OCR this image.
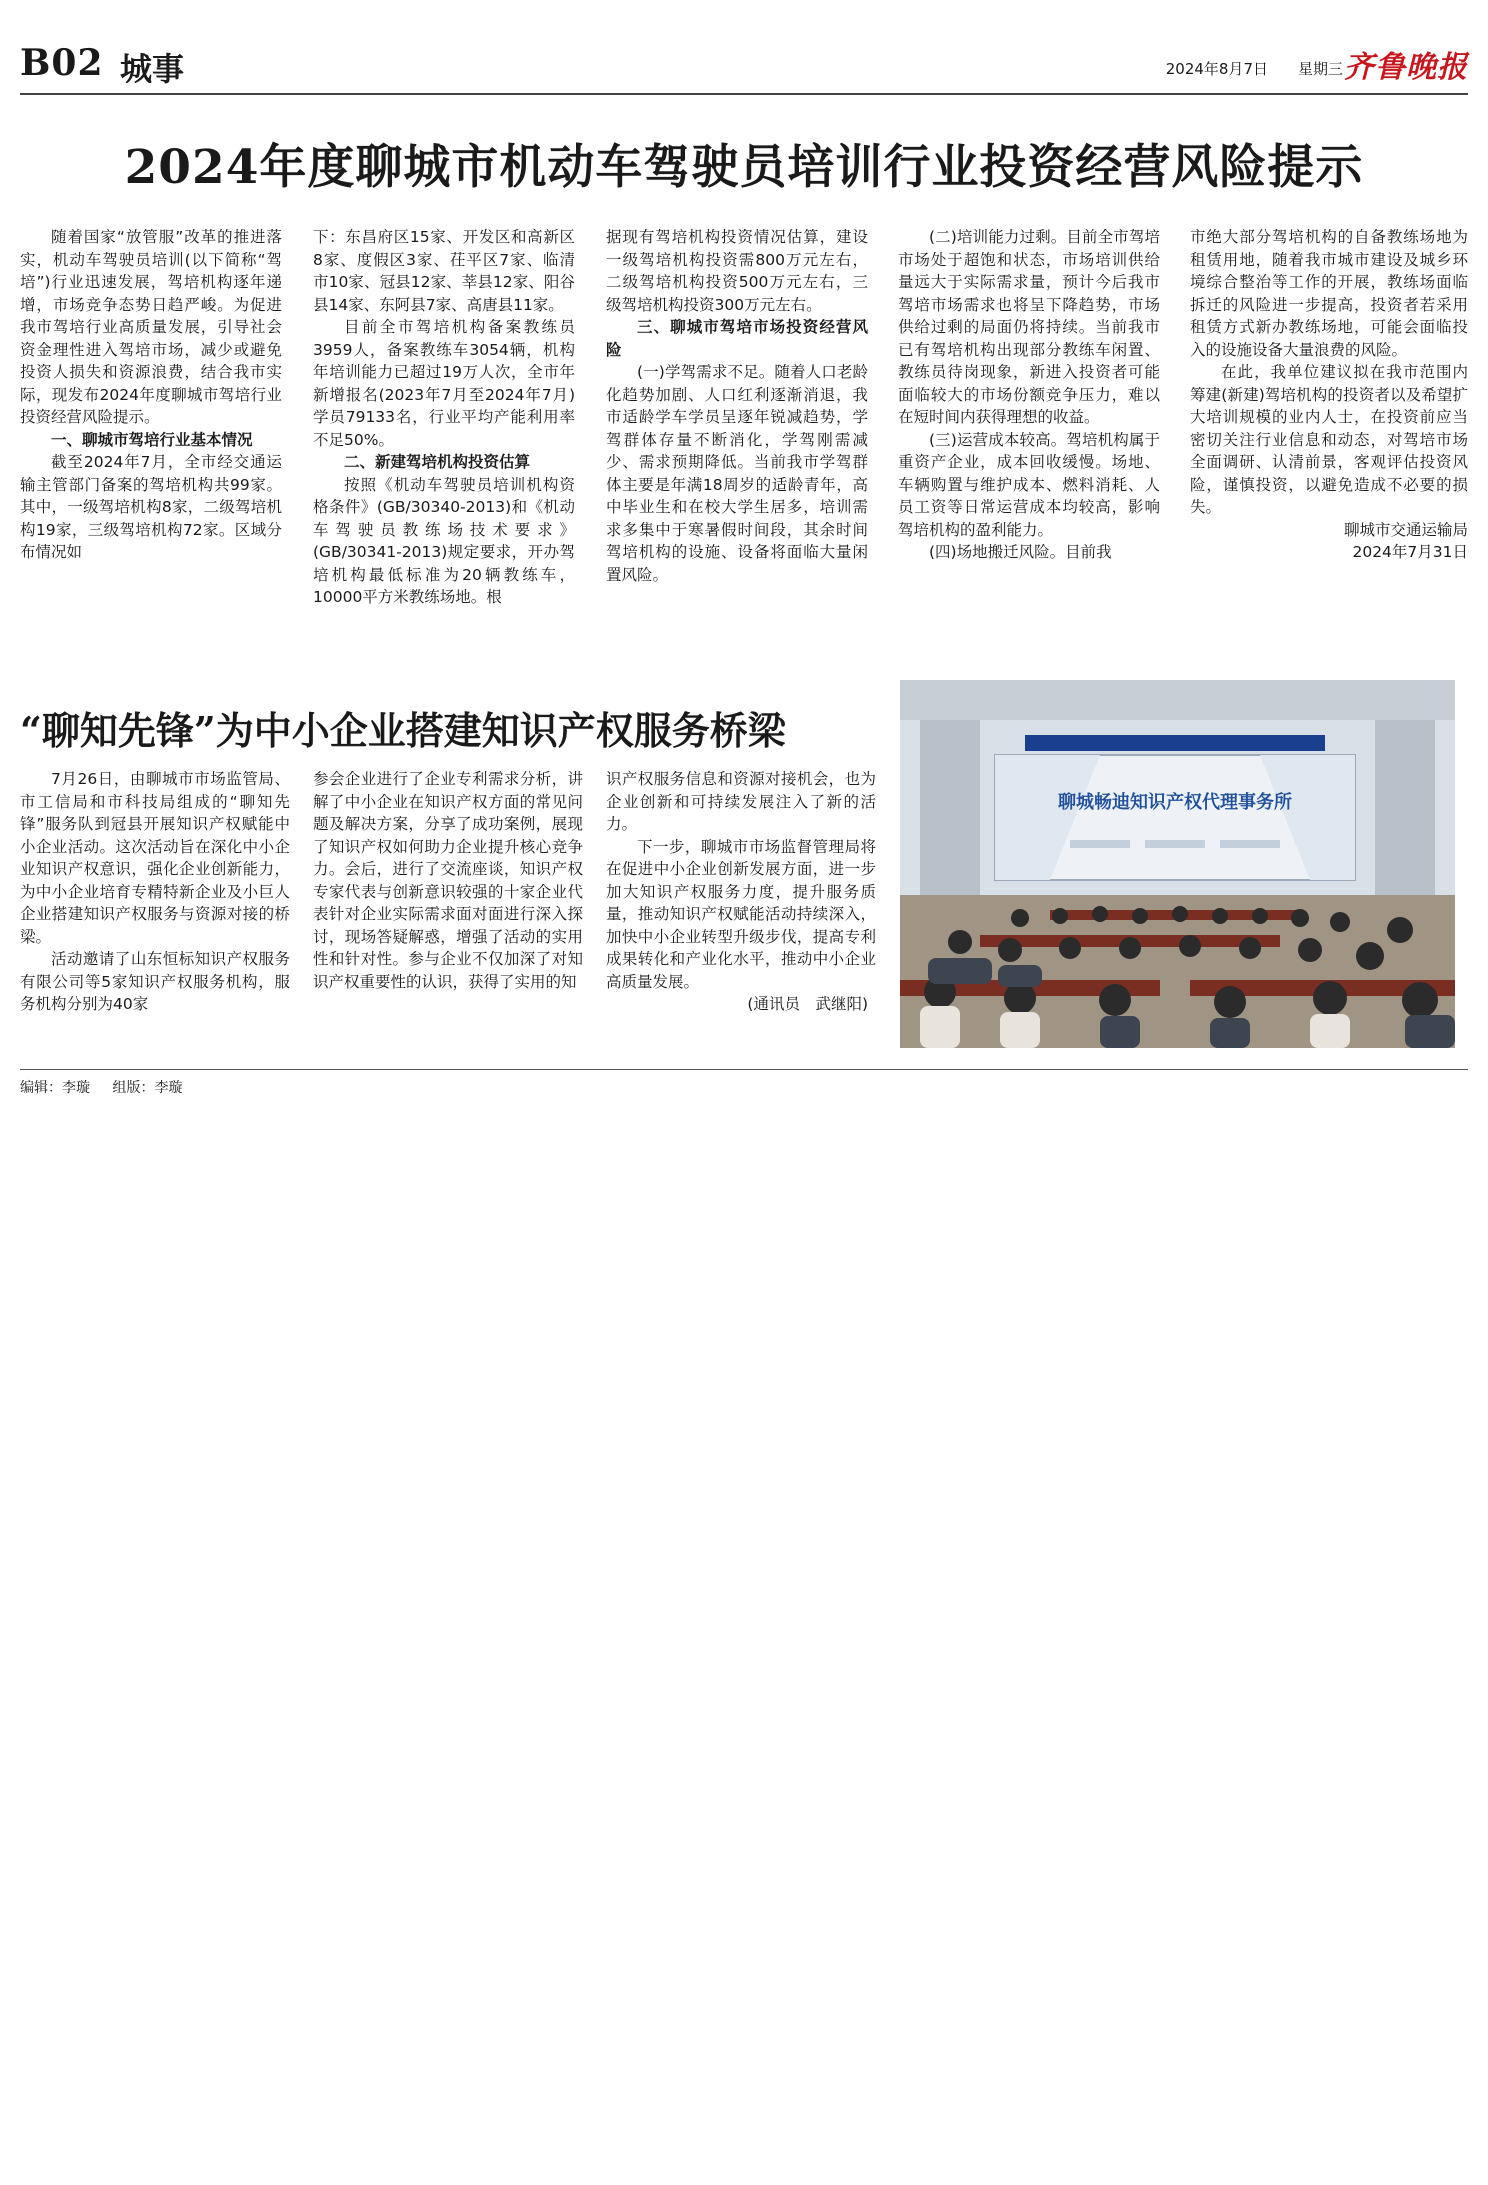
B02 城事	2024年8月7日 星期三 齐鲁晚报
2024年度聊城市机动车驾驶员培训行业投资经营风险提示

随着国家“放管服”改革的推进落实，机动车驾驶员培训(以下简称“驾培”)行业迅速发展，驾培机构逐年递增，市场竞争态势日趋严峻。为促进我市驾培行业高质量发展，引导社会资金理性进入驾培市场，减少或避免投资人损失和资源浪费，结合我市实际，现发布2024年度聊城市驾培行业投资经营风险提示。

一、聊城市驾培行业基本情况

截至2024年7月，全市经交通运输主管部门备案的驾培机构共99家。其中，一级驾培机构8家，二级驾培机构19家，三级驾培机构72家。区域分布情况如

下：东昌府区15家、开发区和高新区8家、度假区3家、茌平区7家、临清市10家、冠县12家、莘县12家、阳谷县14家、东阿县7家、高唐县11家。

目前全市驾培机构备案教练员3959人，备案教练车3054辆，机构年培训能力已超过19万人次，全市年新增报名(2023年7月至2024年7月)学员79133名，行业平均产能利用率不足50%。

二、新建驾培机构投资估算

按照《机动车驾驶员培训机构资格条件》(GB/30340-2013)和《机动车驾驶员教练场技术要求》(GB/30341-2013)规定要求，开办驾培机构最低标准为20辆教练车，10000平方米教练场地。根

据现有驾培机构投资情况估算，建设一级驾培机构投资需800万元左右，二级驾培机构投资500万元左右，三级驾培机构投资300万元左右。

三、聊城市驾培市场投资经营风险

(一)学驾需求不足。随着人口老龄化趋势加剧、人口红利逐渐消退，我市适龄学车学员呈逐年锐减趋势，学驾群体存量不断消化，学驾刚需减少、需求预期降低。当前我市学驾群体主要是年满18周岁的适龄青年，高中毕业生和在校大学生居多，培训需求多集中于寒暑假时间段，其余时间驾培机构的设施、设备将面临大量闲置风险。

(二)培训能力过剩。目前全市驾培市场处于超饱和状态，市场培训供给量远大于实际需求量，预计今后我市驾培市场需求也将呈下降趋势，市场供给过剩的局面仍将持续。当前我市已有驾培机构出现部分教练车闲置、教练员待岗现象，新进入投资者可能面临较大的市场份额竞争压力，难以在短时间内获得理想的收益。

(三)运营成本较高。驾培机构属于重资产企业，成本回收缓慢。场地、车辆购置与维护成本、燃料消耗、人员工资等日常运营成本均较高，影响驾培机构的盈利能力。

(四)场地搬迁风险。目前我

市绝大部分驾培机构的自备教练场地为租赁用地，随着我市城市建设及城乡环境综合整治等工作的开展，教练场面临拆迁的风险进一步提高，投资者若采用租赁方式新办教练场地，可能会面临投入的设施设备大量浪费的风险。

在此，我单位建议拟在我市范围内筹建(新建)驾培机构的投资者以及希望扩大培训规模的业内人士，在投资前应当密切关注行业信息和动态，对驾培市场全面调研、认清前景，客观评估投资风险，谨慎投资，以避免造成不必要的损失。

聊城市交通运输局

2024年7月31日

“聊知先锋”为中小企业搭建知识产权服务桥梁

7月26日，由聊城市市场监管局、市工信局和市科技局组成的“聊知先锋”服务队到冠县开展知识产权赋能中小企业活动。这次活动旨在深化中小企业知识产权意识，强化企业创新能力，为中小企业培育专精特新企业及小巨人企业搭建知识产权服务与资源对接的桥梁。

活动邀请了山东恒标知识产权服务有限公司等5家知识产权服务机构，服务机构分别为40家

参会企业进行了企业专利需求分析，讲解了中小企业在知识产权方面的常见问题及解决方案，分享了成功案例，展现了知识产权如何助力企业提升核心竞争力。会后，进行了交流座谈，知识产权专家代表与创新意识较强的十家企业代表针对企业实际需求面对面进行深入探讨，现场答疑解惑，增强了活动的实用性和针对性。参与企业不仅加深了对知识产权重要性的认识，获得了实用的知

识产权服务信息和资源对接机会，也为企业创新和可持续发展注入了新的活力。

下一步，聊城市市场监督管理局将在促进中小企业创新发展方面，进一步加大知识产权服务力度，提升服务质量，推动知识产权赋能活动持续深入，加快中小企业转型升级步伐，提高专利成果转化和产业化水平，推动中小企业高质量发展。

(通讯员　武继阳)

聊城畅迪知识产权代理事务所
编辑：李璇 组版：李璇
